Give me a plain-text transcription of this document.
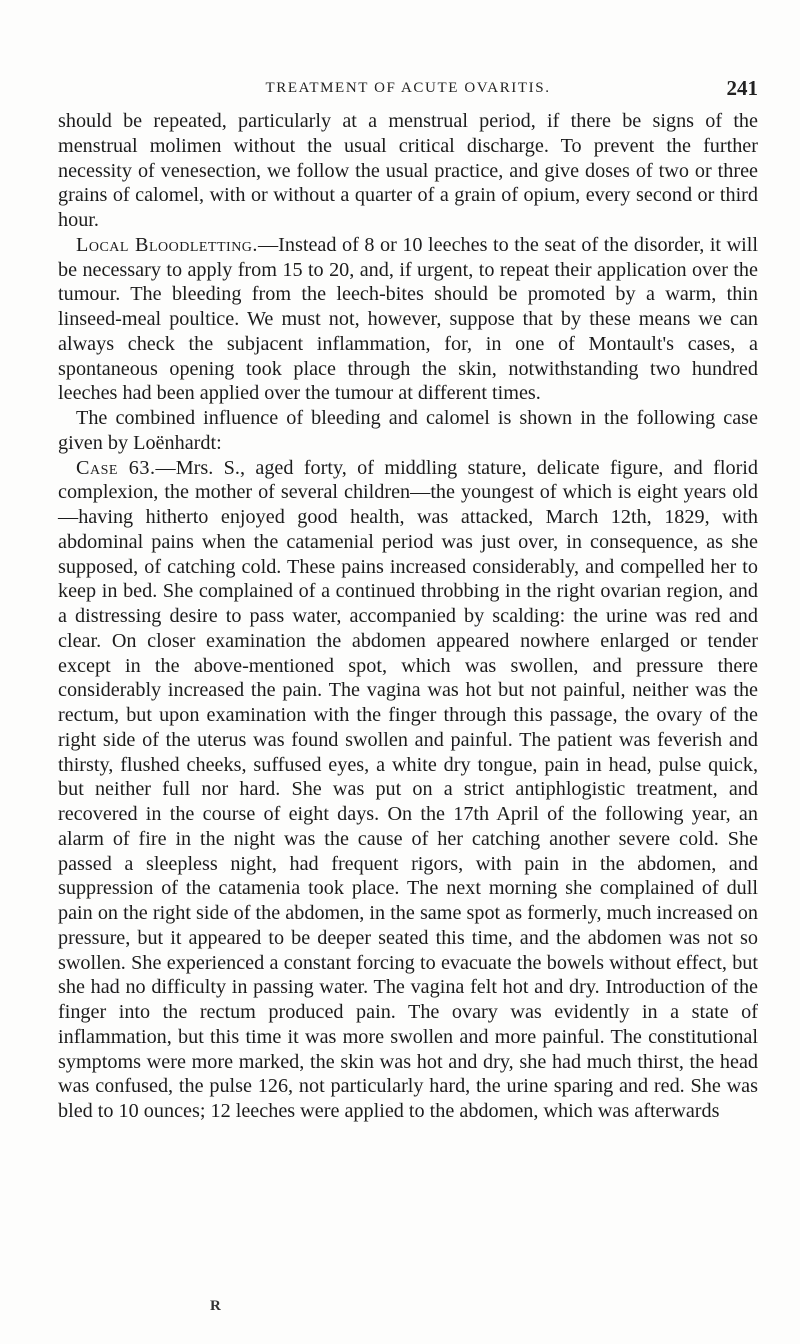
TREATMENT OF ACUTE OVARITIS.	241

should be repeated, particularly at a menstrual period, if there be signs of the menstrual molimen without the usual critical discharge. To prevent the further necessity of venesection, we follow the usual practice, and give doses of two or three grains of calomel, with or without a quarter of a grain of opium, every second or third hour.

Local Bloodletting.—Instead of 8 or 10 leeches to the seat of the disorder, it will be necessary to apply from 15 to 20, and, if urgent, to repeat their application over the tumour. The bleeding from the leech-bites should be promoted by a warm, thin linseed-meal poultice. We must not, however, suppose that by these means we can always check the subjacent inflammation, for, in one of Montault's cases, a spontaneous opening took place through the skin, notwithstanding two hundred leeches had been applied over the tumour at different times.

The combined influence of bleeding and calomel is shown in the following case given by Loënhardt:

Case 63.—Mrs. S., aged forty, of middling stature, delicate figure, and florid complexion, the mother of several children—the youngest of which is eight years old—having hitherto enjoyed good health, was attacked, March 12th, 1829, with abdominal pains when the catamenial period was just over, in consequence, as she supposed, of catching cold. These pains increased considerably, and compelled her to keep in bed. She complained of a continued throbbing in the right ovarian region, and a distressing desire to pass water, accompanied by scalding: the urine was red and clear. On closer examination the abdomen appeared nowhere enlarged or tender except in the above-mentioned spot, which was swollen, and pressure there considerably increased the pain. The vagina was hot but not painful, neither was the rectum, but upon examination with the finger through this passage, the ovary of the right side of the uterus was found swollen and painful. The patient was feverish and thirsty, flushed cheeks, suffused eyes, a white dry tongue, pain in head, pulse quick, but neither full nor hard. She was put on a strict antiphlogistic treatment, and recovered in the course of eight days. On the 17th April of the following year, an alarm of fire in the night was the cause of her catching another severe cold. She passed a sleepless night, had frequent rigors, with pain in the abdomen, and suppression of the catamenia took place. The next morning she complained of dull pain on the right side of the abdomen, in the same spot as formerly, much increased on pressure, but it appeared to be deeper seated this time, and the abdomen was not so swollen. She experienced a constant forcing to evacuate the bowels without effect, but she had no difficulty in passing water. The vagina felt hot and dry. Introduction of the finger into the rectum produced pain. The ovary was evidently in a state of inflammation, but this time it was more swollen and more painful. The constitutional symptoms were more marked, the skin was hot and dry, she had much thirst, the head was confused, the pulse 126, not particularly hard, the urine sparing and red. She was bled to 10 ounces; 12 leeches were applied to the abdomen, which was afterwards

R
